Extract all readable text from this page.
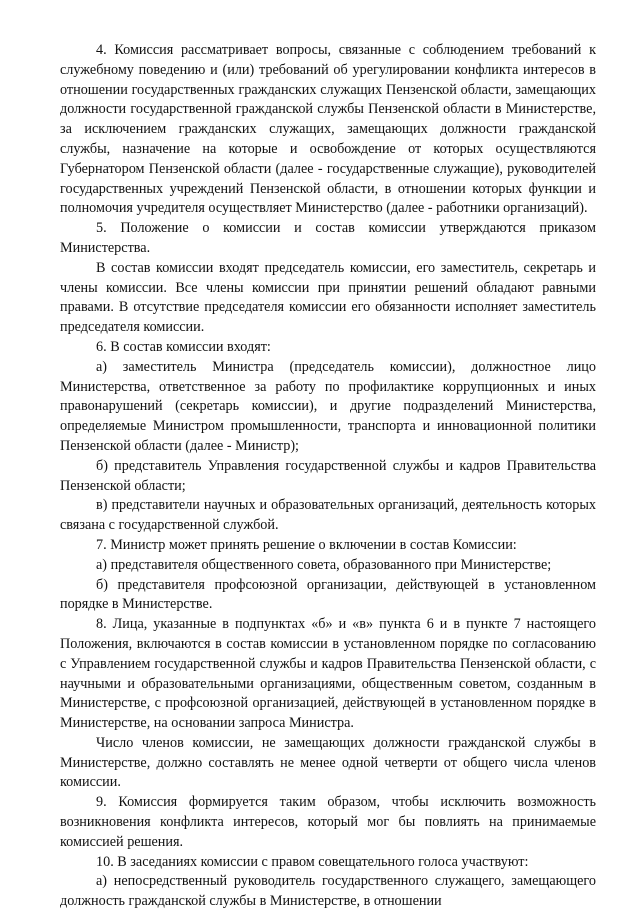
4. Комиссия рассматривает вопросы, связанные с соблюдением требований к служебному поведению и (или) требований об урегулировании конфликта интересов в отношении государственных гражданских служащих Пензенской области, замещающих должности государственной гражданской службы Пензенской области в Министерстве, за исключением гражданских служащих, замещающих должности гражданской службы, назначение на которые и освобождение от которых осуществляются Губернатором Пензенской области (далее - государственные служащие), руководителей государственных учреждений Пензенской области, в отношении которых функции и полномочия учредителя осуществляет Министерство (далее - работники организаций).

5. Положение о комиссии и состав комиссии утверждаются приказом Министерства.

В состав комиссии входят председатель комиссии, его заместитель, секретарь и члены комиссии. Все члены комиссии при принятии решений обладают равными правами. В отсутствие председателя комиссии его обязанности исполняет заместитель председателя комиссии.

6. В состав комиссии входят:

а) заместитель Министра (председатель комиссии), должностное лицо Министерства, ответственное за работу по профилактике коррупционных и иных правонарушений (секретарь комиссии), и другие подразделений Министерства, определяемые Министром промышленности, транспорта и инновационной политики Пензенской области (далее - Министр);

б) представитель Управления государственной службы и кадров Правительства Пензенской области;

в) представители научных и образовательных организаций, деятельность которых связана с государственной службой.

7. Министр может принять решение о включении в состав Комиссии:

а) представителя общественного совета, образованного при Министерстве;

б) представителя профсоюзной организации, действующей в установленном порядке в Министерстве.

8. Лица, указанные в подпунктах «б» и «в» пункта 6 и в пункте 7 настоящего Положения, включаются в состав комиссии в установленном порядке по согласованию с Управлением государственной службы и кадров Правительства Пензенской области, с научными и образовательными организациями, общественным советом, созданным в Министерстве, с профсоюзной организацией, действующей в установленном порядке в Министерстве, на основании запроса Министра.

Число членов комиссии, не замещающих должности гражданской службы в Министерстве, должно составлять не менее одной четверти от общего числа членов комиссии.

9. Комиссия формируется таким образом, чтобы исключить возможность возникновения конфликта интересов, который мог бы повлиять на принимаемые комиссией решения.

10. В заседаниях комиссии с правом совещательного голоса участвуют:

а) непосредственный руководитель государственного служащего, замещающего должность гражданской службы в Министерстве, в отношении
